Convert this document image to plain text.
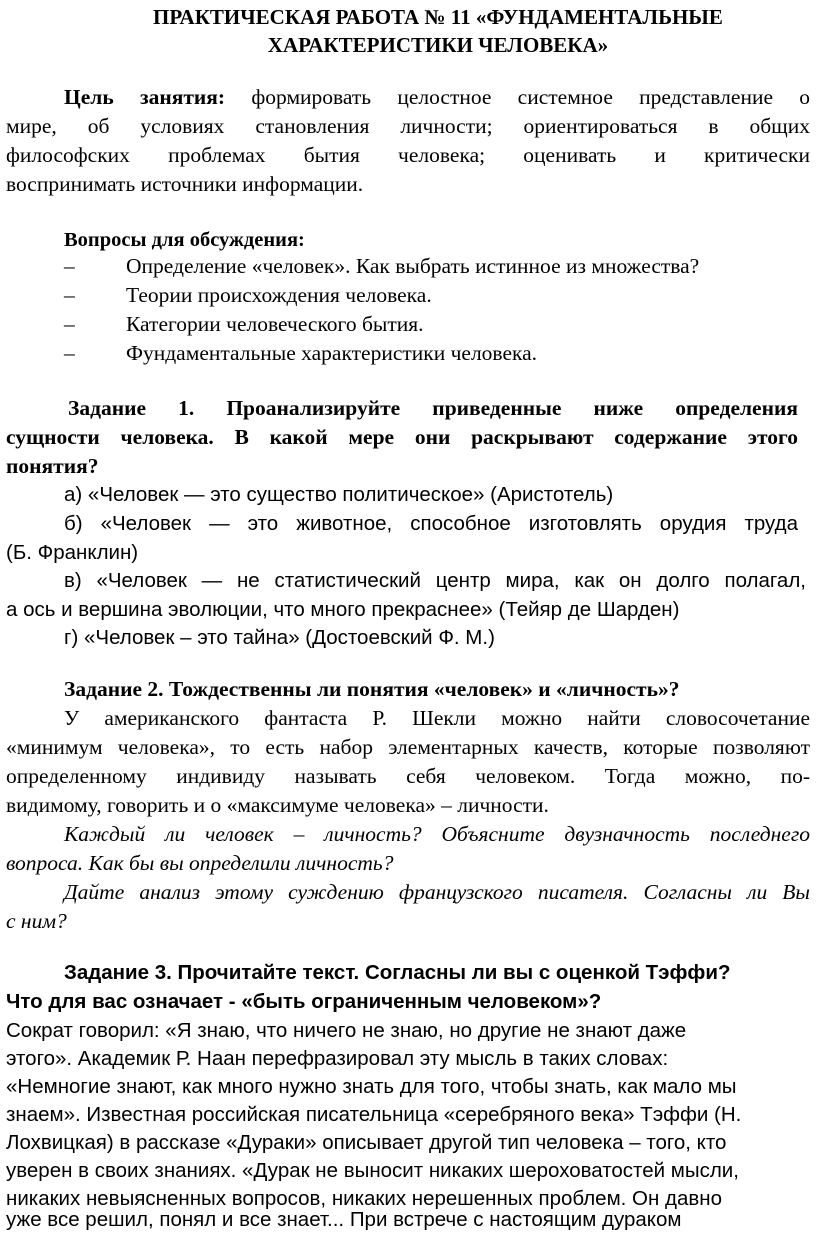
ПРАКТИЧЕСКАЯ РАБОТА № 11 «ФУНДАМЕНТАЛЬНЫЕ
ХАРАКТЕРИСТИКИ ЧЕЛОВЕКА»
Цель занятия: формировать целостное системное представление о
мире, об условиях становления личности; ориентироваться в общих
философских проблемах бытия человека; оценивать и критически
воспринимать источники информации.
Вопросы для обсуждения:
– Определение «человек». Как выбрать истинное из множества?
– Теории происхождения человека.
– Категории человеческого бытия.
– Фундаментальные характеристики человека.
Задание 1. Проанализируйте приведенные ниже определения
сущности человека. В какой мере они раскрывают содержание этого
понятия?
а) «Человек — это существо политическое» (Аристотель)
б) «Человек — это животное, способное изготовлять орудия труда
(Б. Франклин)
в) «Человек — не статистический центр мира, как он долго полагал,
а ось и вершина эволюции, что много прекраснее» (Тейяр де Шарден)
г) «Человек – это тайна» (Достоевский Ф. М.)
Задание 2. Тождественны ли понятия «человек» и «личность»?
У американского фантаста Р. Шекли можно найти словосочетание
«минимум человека», то есть набор элементарных качеств, которые позволяют
определенному индивиду называть себя человеком. Тогда можно, по-
видимому, говорить и о «максимуме человека» – личности.
Каждый ли человек – личность? Объясните двузначность последнего
вопроса. Как бы вы определили личность?
Дайте анализ этому суждению французского писателя. Согласны ли Вы
с ним?
Задание 3. Прочитайте текст. Согласны ли вы с оценкой Тэффи?
Что для вас означает - «быть ограниченным человеком»?
Сократ говорил: «Я знаю, что ничего не знаю, но другие не знают даже
этого». Академик Р. Наан перефразировал эту мысль в таких словах:
«Немногие знают, как много нужно знать для того, чтобы знать, как мало мы
знаем». Известная российская писательница «серебряного века» Тэффи (Н.
Лохвицкая) в рассказе «Дураки» описывает другой тип человека – того, кто
уверен в своих знаниях. «Дурак не выносит никаких шероховатостей мысли,
никаких невыясненных вопросов, никаких нерешенных проблем. Он давно
уже все решил, понял и все знает... При встрече с настоящим дураком
